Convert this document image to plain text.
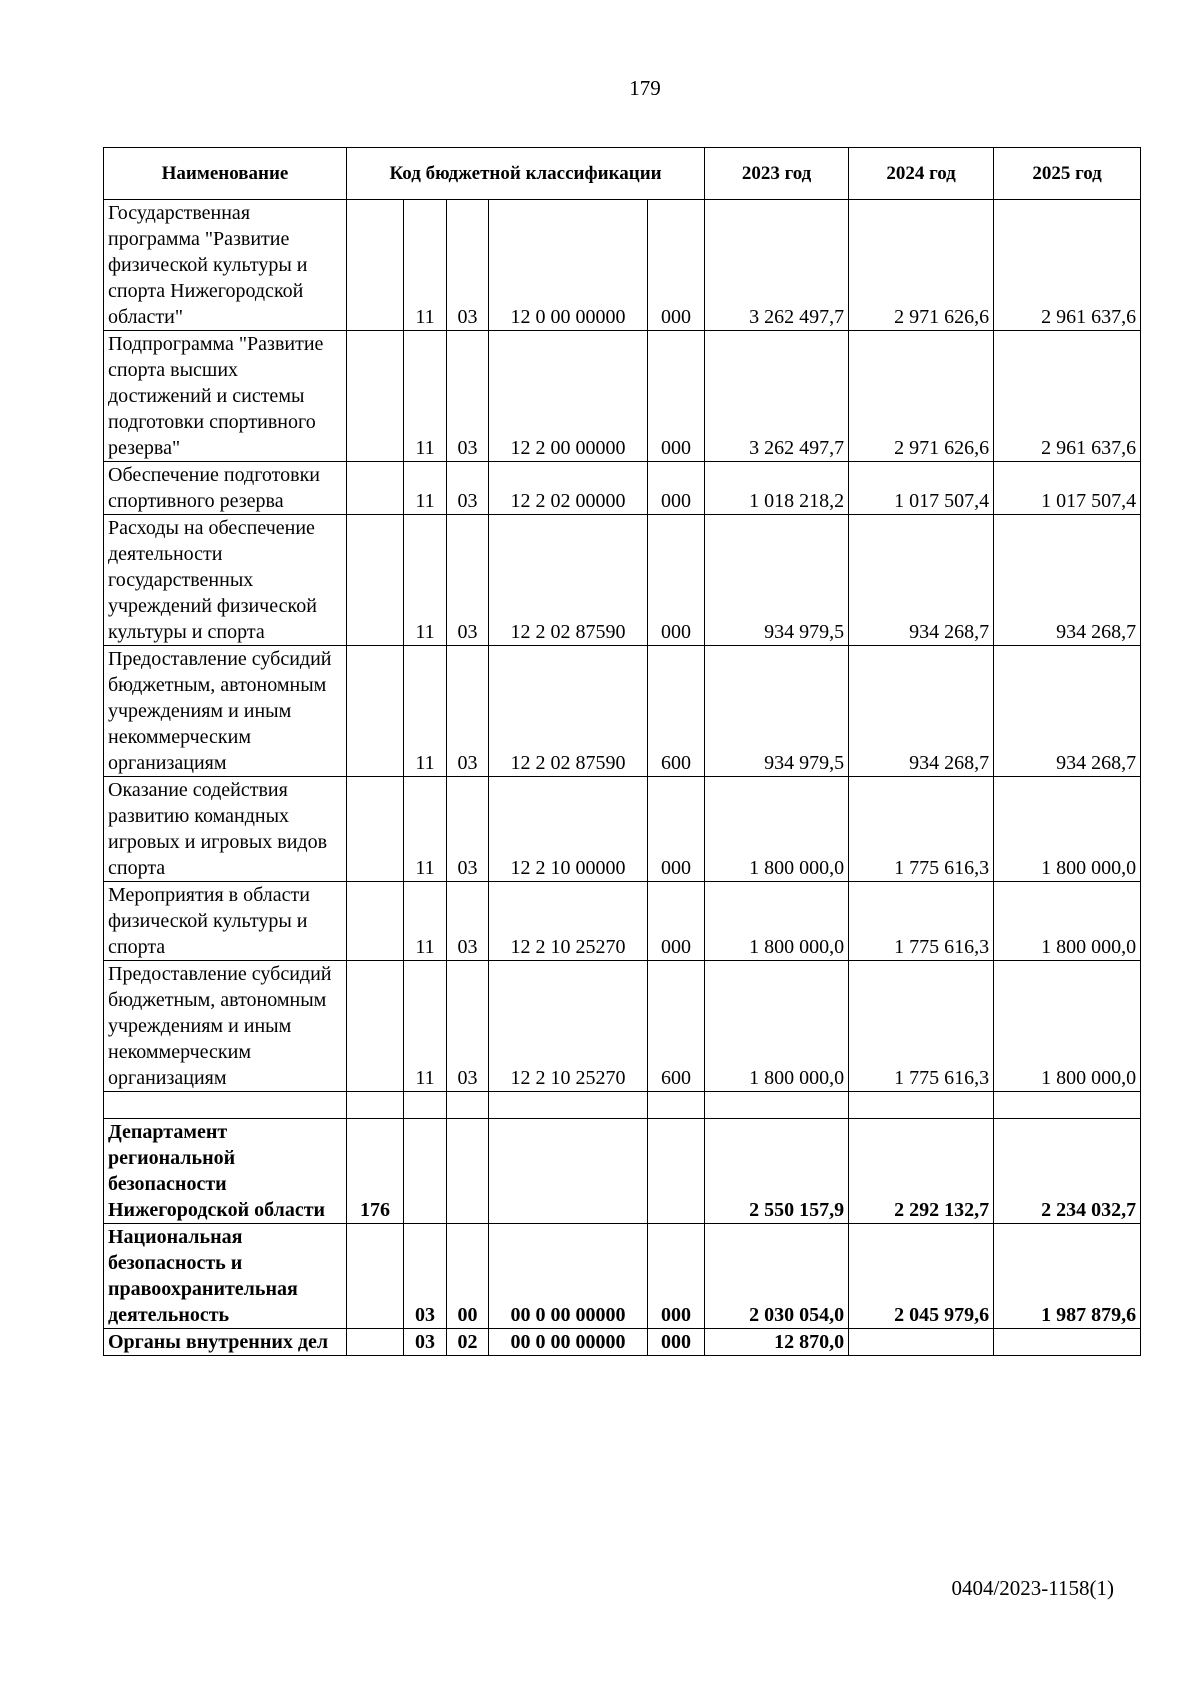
179
Наименование	Код бюджетной классификации					2023 год	2024 год	2025 год
Государственная программа "Развитие физической культуры и спорта Нижегородской области"		11	03	12 0 00 00000	000	3 262 497,7	2 971 626,6	2 961 637,6
Подпрограмма "Развитие спорта высших достижений и системы подготовки спортивного резерва"		11	03	12 2 00 00000	000	3 262 497,7	2 971 626,6	2 961 637,6
Обеспечение подготовки спортивного резерва		11	03	12 2 02 00000	000	1 018 218,2	1 017 507,4	1 017 507,4
Расходы на обеспечение деятельности государственных учреждений физической культуры и спорта		11	03	12 2 02 87590	000	934 979,5	934 268,7	934 268,7
Предоставление субсидий бюджетным, автономным учреждениям и иным некоммерческим организациям		11	03	12 2 02 87590	600	934 979,5	934 268,7	934 268,7
Оказание содействия развитию командных игровых и игровых видов спорта		11	03	12 2 10 00000	000	1 800 000,0	1 775 616,3	1 800 000,0
Мероприятия в области физической культуры и спорта		11	03	12 2 10 25270	000	1 800 000,0	1 775 616,3	1 800 000,0
Предоставление субсидий бюджетным, автономным учреждениям и иным некоммерческим организациям		11	03	12 2 10 25270	600	1 800 000,0	1 775 616,3	1 800 000,0

Департамент региональной безопасности Нижегородской области	176					2 550 157,9	2 292 132,7	2 234 032,7
Национальная безопасность и правоохранительная деятельность		03	00	00 0 00 00000	000	2 030 054,0	2 045 979,6	1 987 879,6
Органы внутренних дел		03	02	00 0 00 00000	000	12 870,0		
0404/2023-1158(1)
